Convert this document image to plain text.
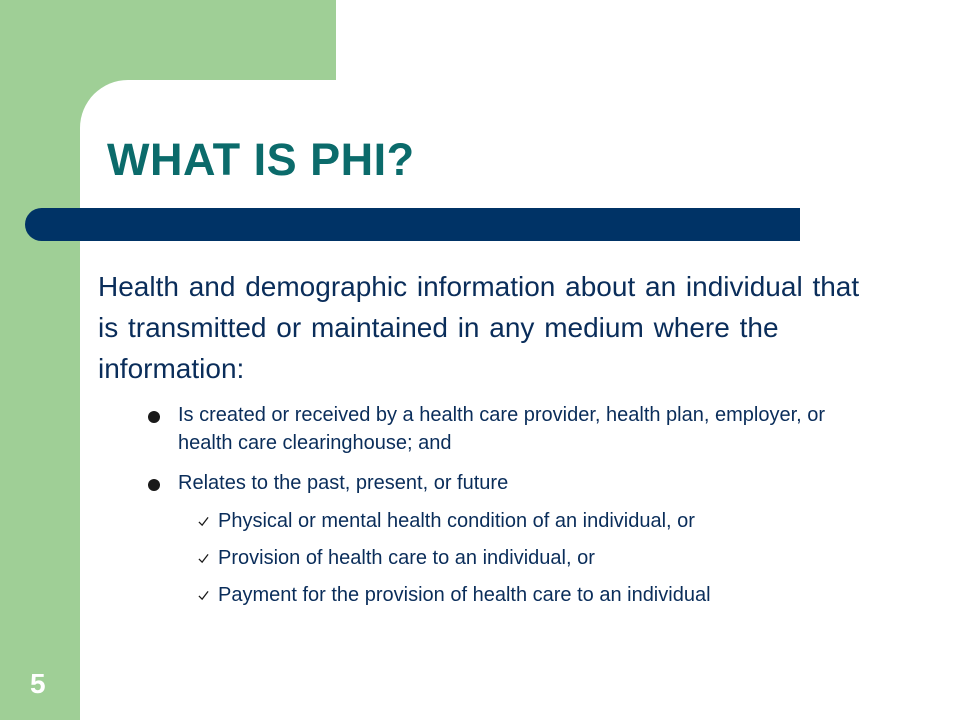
WHAT IS PHI?

Health and demographic information about an individual that is transmitted or maintained in any medium where the information:

Is created or received by a health care provider, health plan, employer, or health care clearinghouse; and
Relates to the past, present, or future
Physical or mental health condition of an individual, or
Provision of health care to an individual, or
Payment for the provision of health care to an individual
5
